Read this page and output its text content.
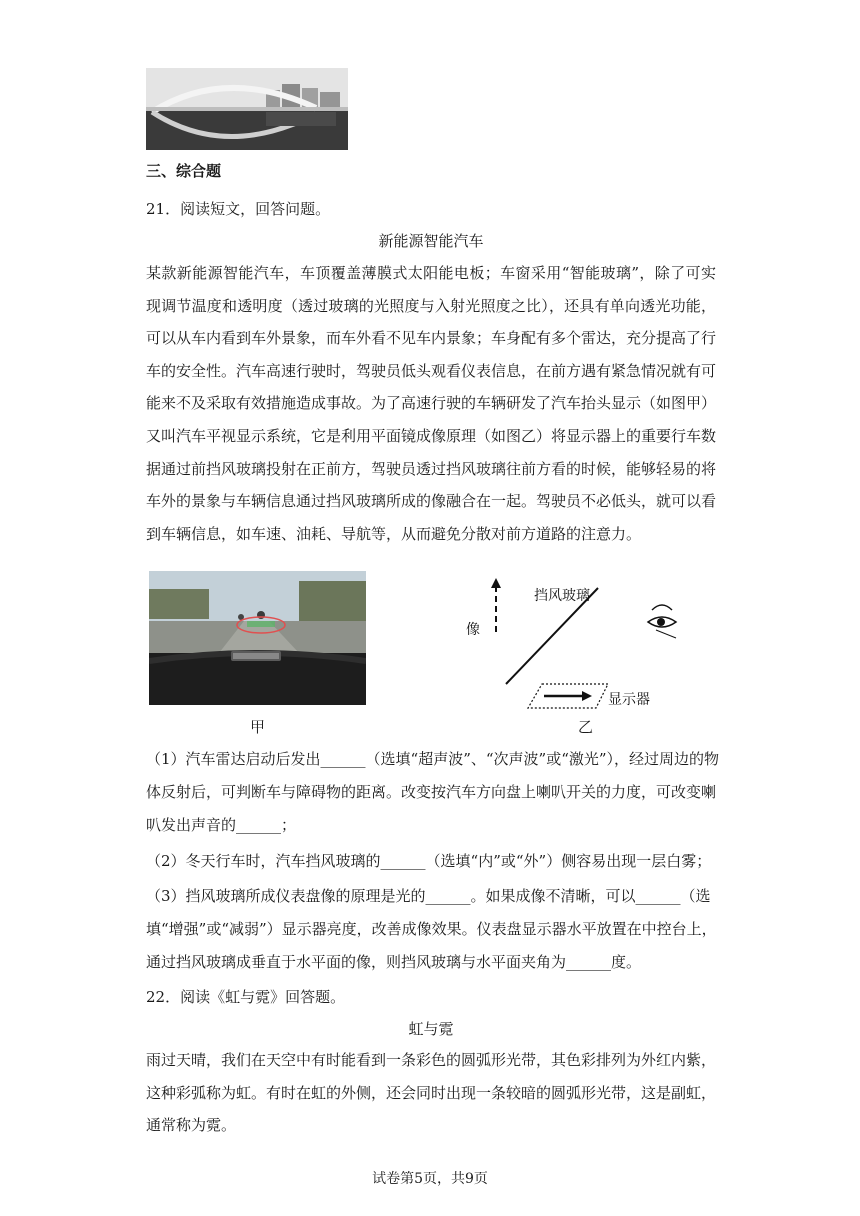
三、综合题
21．阅读短文，回答问题。
新能源智能汽车

某款新能源智能汽车，车顶覆盖薄膜式太阳能电板；车窗采用“智能玻璃”，除了可实现调节温度和透明度（透过玻璃的光照度与入射光照度之比），还具有单向透光功能，可以从车内看到车外景象，而车外看不见车内景象；车身配有多个雷达，充分提高了行车的安全性。汽车高速行驶时，驾驶员低头观看仪表信息，在前方遇有紧急情况就有可能来不及采取有效措施造成事故。为了高速行驶的车辆研发了汽车抬头显示（如图甲）又叫汽车平视显示系统，它是利用平面镜成像原理（如图乙）将显示器上的重要行车数据通过前挡风玻璃投射在正前方，驾驶员透过挡风玻璃往前方看的时候，能够轻易的将车外的景象与车辆信息通过挡风玻璃所成的像融合在一起。驾驶员不必低头，就可以看到车辆信息，如车速、油耗、导航等，从而避免分散对前方道路的注意力。

甲
像
挡风玻璃
显示器
乙
（1）汽车雷达启动后发出______（选填“超声波”、“次声波”或“激光”），经过周边的物
体反射后，可判断车与障碍物的距离。改变按汽车方向盘上喇叭开关的力度，可改变喇
叭发出声音的______；
（2）冬天行车时，汽车挡风玻璃的______（选填“内”或“外”）侧容易出现一层白雾；
（3）挡风玻璃所成仪表盘像的原理是光的______。如果成像不清晰，可以______（选
填“增强”或“减弱”）显示器亮度，改善成像效果。仪表盘显示器水平放置在中控台上，
通过挡风玻璃成垂直于水平面的像，则挡风玻璃与水平面夹角为______度。
22．阅读《虹与霓》回答题。
虹与霓

雨过天晴，我们在天空中有时能看到一条彩色的圆弧形光带，其色彩排列为外红内紫，这种彩弧称为虹。有时在虹的外侧，还会同时出现一条较暗的圆弧形光带，这是副虹，通常称为霓。

试卷第5页，共9页
